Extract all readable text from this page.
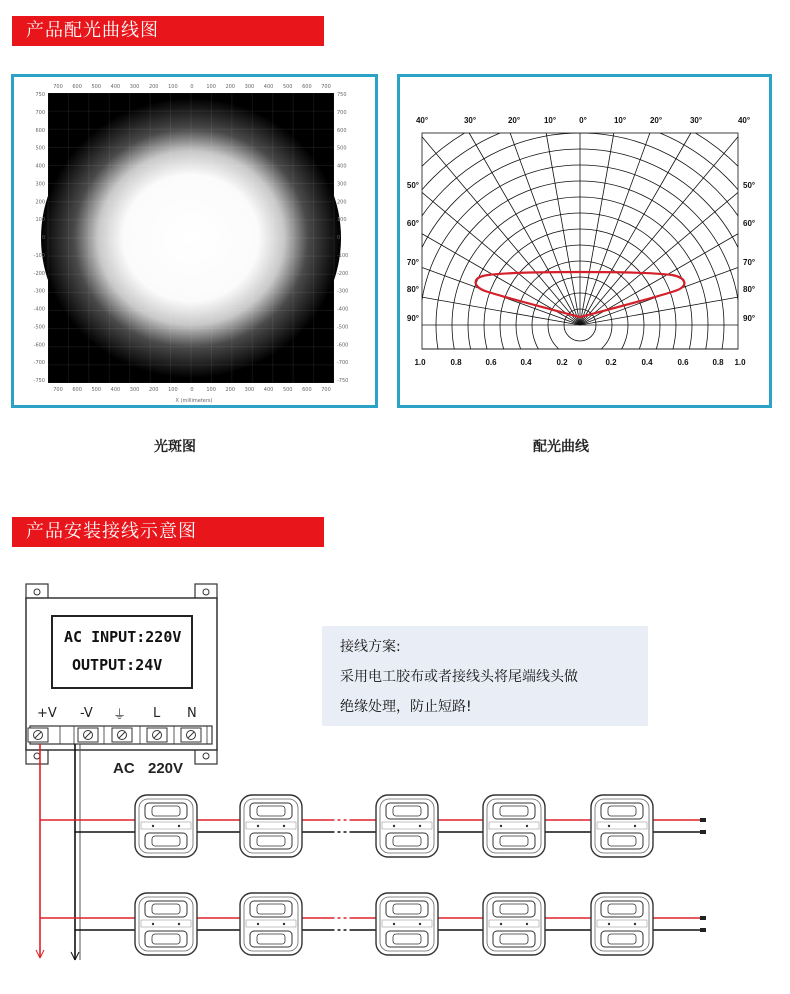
产品配光曲线图
700 600 500 400 300 200 100	0	100 200 300 400 500 600 700
700 600 500 400 300 200 100	0	100 200 300 400 500 600 700
750
700
600
500
400
300
200
100
0
-100
-200
-300
-400
-500
-600
-700
-750
750
700
600
500
400
300
200
100
0
-100
-200
-300
-400
-500
-600
-700
-750
X (millimeters)
40°	30°	20°	10°	0°	10°	20°	30°	40°
50°
60°
70°
80°
90°
50°
60°
70°
80°
90°
1.0	0.8	0.6	0.4	0.2 0	0.2	0.4	0.6	0.8 1.0
光斑图	配光曲线
产品安装接线示意图
AC INPUT:220V
OUTPUT:24V
+V -V ⏚ L N
AC 220V
接线方案:
采用电工胶布或者接线头将尾端线头做
绝缘处理，防止短路!
